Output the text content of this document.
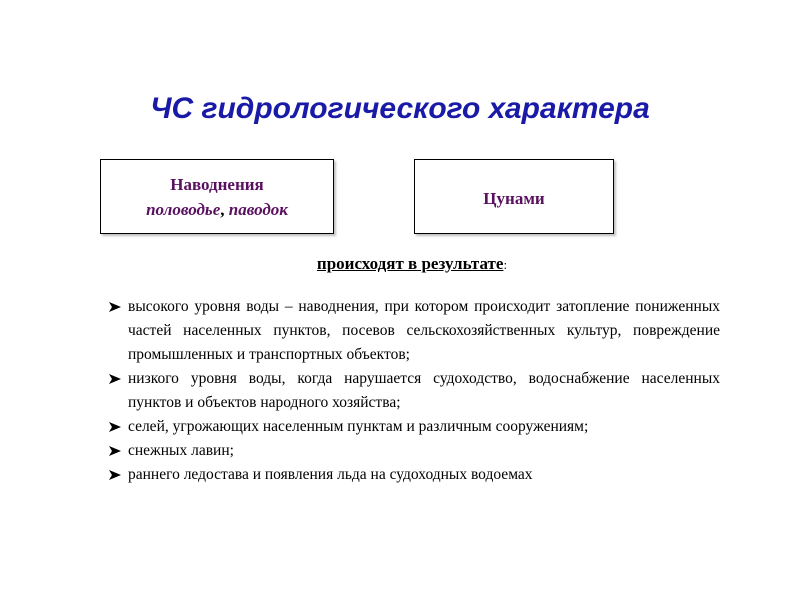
ЧС гидрологического характера
Наводнения
половодье, паводок
Цунами
происходят в результате:
высокого уровня воды – наводнения, при котором происходит затопление пониженных частей населенных пунктов, посевов сельскохозяйственных культур, повреждение промышленных и транспортных объектов;
низкого уровня воды, когда нарушается судоходство, водоснабжение населенных пунктов и объектов народного хозяйства;
селей, угрожающих населенным пунктам и различным сооружениям;
снежных лавин;
раннего ледостава и появления льда на судоходных водоемах
